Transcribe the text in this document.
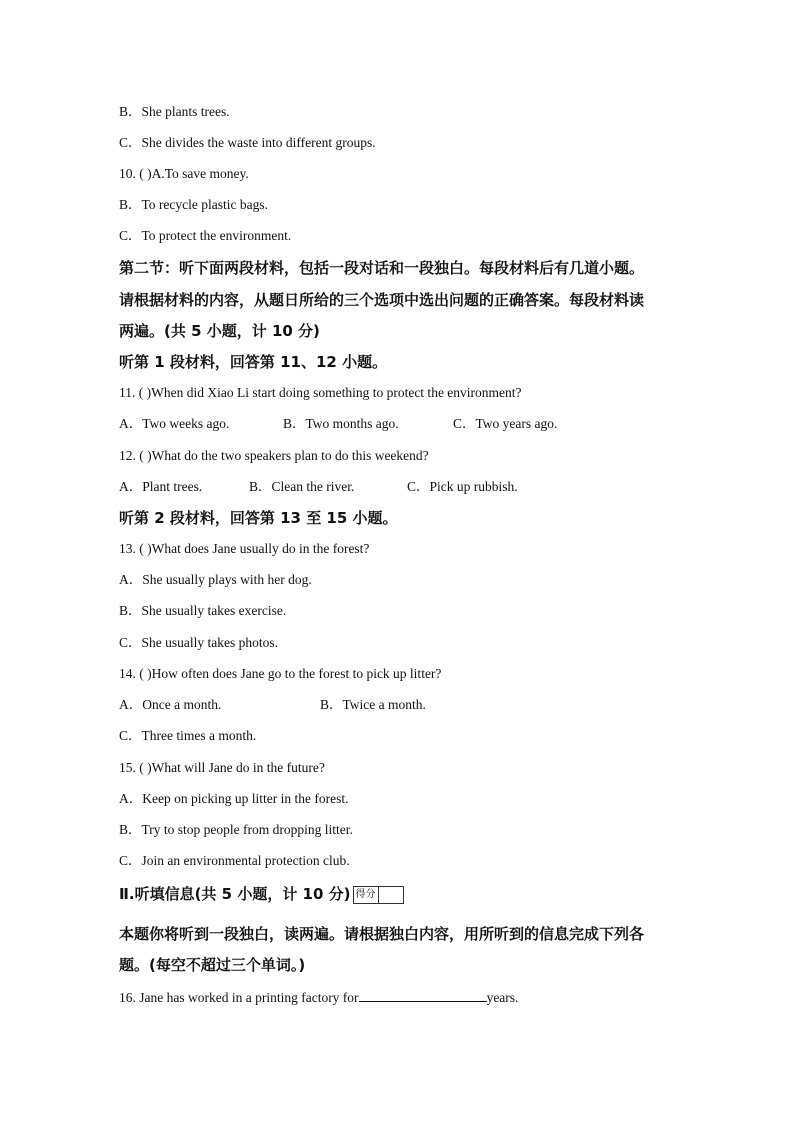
B．She plants trees.
C．She divides the waste into different groups.
10. ( )A.To save money.
B．To recycle plastic bags.
C．To protect the environment.
第二节：听下面两段材料，包括一段对话和一段独白。每段材料后有几道小题。
请根据材料的内容，从题日所给的三个选项中选出问题的正确答案。每段材料读
两遍。(共 5 小题，计 10 分)
听第 1 段材料，回答第 11、12 小题。
11. ( )When did Xiao Li start doing something to protect the environment?
A．Two weeks ago.	B．Two months ago.	C．Two years ago.
12. ( )What do the two speakers plan to do this weekend?
A．Plant trees.	B．Clean the river.	C．Pick up rubbish.
听第 2 段材料，回答第 13 至 15 小题。
13. ( )What does Jane usually do in the forest?
A．She usually plays with her dog.
B．She usually takes exercise.
C．She usually takes photos.
14. ( )How often does Jane go to the forest to pick up litter?
A．Once a month.	B．Twice a month.
C．Three times a month.
15. ( )What will Jane do in the future?
A．Keep on picking up litter in the forest.
B．Try to stop people from dropping litter.
C．Join an environmental protection club.
Ⅱ.听填信息(共 5 小题，计 10 分) 得分
本题你将听到一段独白，读两遍。请根据独白内容，用所听到的信息完成下列各
题。(每空不超过三个单词。)
16. Jane has worked in a printing factory for	years.
